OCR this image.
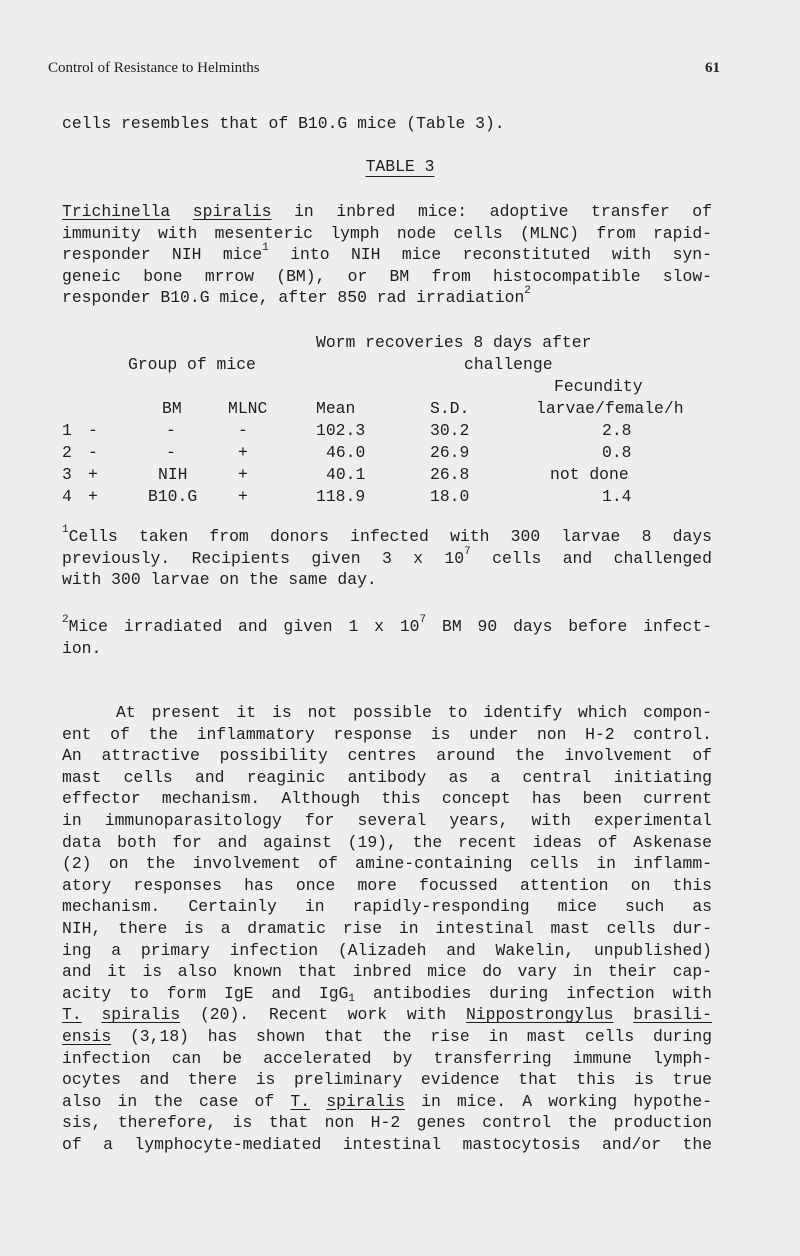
Control of Resistance to Helminths	61
cells resembles that of B10.G mice (Table 3).
TABLE 3
Trichinella spiralis in inbred mice: adoptive transfer of
immunity with mesenteric lymph node cells (MLNC) from rapid-
responder NIH mice$^1$ into NIH mice reconstituted with syn-
geneic bone mrrow (BM), or BM from histocompatible slow-
responder B10.G mice, after 850 rad irradiation$^2$
Worm recoveries 8 days after
Group of mice	challenge
Fecundity
BM	MLNC	Mean	S.D.	larvae/female/h
1 -	-	-	102.3	30.2	2.8
2 -	-	+	46.0	26.9	0.8
3 +	NIH	+	40.1	26.8	not done
4 +	B10.G +	118.9	18.0	1.4
$^1$Cells taken from donors infected with 300 larvae 8 days
previously. Recipients given 3 x 10$^7$ cells and challenged
with 300 larvae on the same day.
$^2$Mice irradiated and given 1 x 10$^7$ BM 90 days before infect-
ion.
At present it is not possible to identify which compon-
ent of the inflammatory response is under non H-2 control.
An attractive possibility centres around the involvement of
mast cells and reaginic antibody as a central initiating
effector mechanism. Although this concept has been current
in immunoparasitology for several years, with experimental
data both for and against (19), the recent ideas of Askenase
(2) on the involvement of amine-containing cells in inflamm-
atory responses has once more focussed attention on this
mechanism. Certainly in rapidly-responding mice such as
NIH, there is a dramatic rise in intestinal mast cells dur-
ing a primary infection (Alizadeh and Wakelin, unpublished)
and it is also known that inbred mice do vary in their cap-
acity to form IgE and IgG$_1$ antibodies during infection with
T. spiralis (20). Recent work with Nippostrongylus brasili-
ensis (3,18) has shown that the rise in mast cells during
infection can be accelerated by transferring immune lymph-
ocytes and there is preliminary evidence that this is true
also in the case of T. spiralis in mice. A working hypothe-
sis, therefore, is that non H-2 genes control the production
of a lymphocyte-mediated intestinal mastocytosis and/or the
